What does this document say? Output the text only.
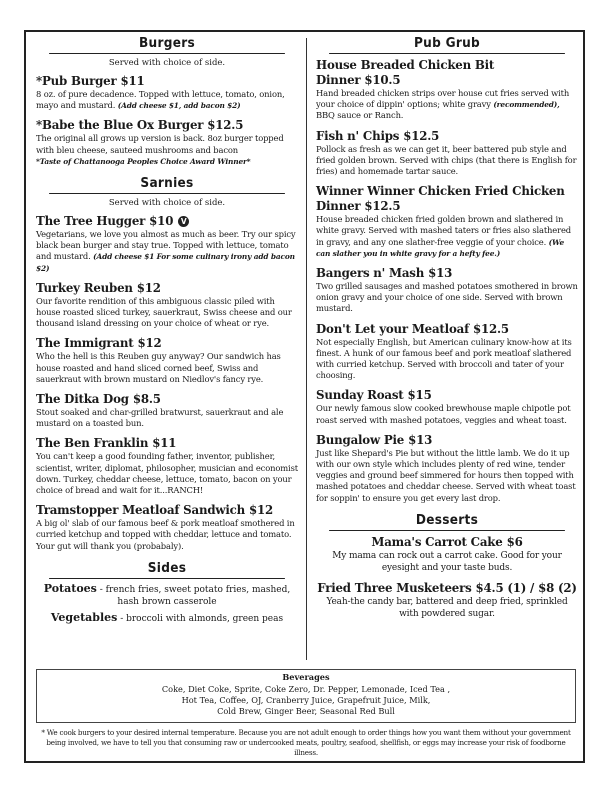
Burgers
Served with choice of side.
*Pub Burger $11
8 oz. of pure decadence. Topped with lettuce, tomato, onion, mayo and mustard. (Add cheese $1, add bacon $2)
*Babe the Blue Ox Burger $12.5
The original all grows up version is back. 8oz burger topped with bleu cheese, sauteed mushrooms and bacon
*Taste of Chattanooga Peoples Choice Award Winner*
Sarnies
Served with choice of side.
The Tree Hugger $10 V
Vegetarians, we love you almost as much as beer. Try our spicy black bean burger and stay true. Topped with lettuce, tomato and mustard. (Add cheese $1 For some culinary irony add bacon $2)
Turkey Reuben $12
Our favorite rendition of this ambiguous classic piled with house roasted sliced turkey, sauerkraut, Swiss cheese and our thousand island dressing on your choice of wheat or rye.
The Immigrant $12
Who the hell is this Reuben guy anyway? Our sandwich has house roasted and hand sliced corned beef, Swiss and sauerkraut with brown mustard on Niedlov's fancy rye.
The Ditka Dog $8.5
Stout soaked and char-grilled bratwurst, sauerkraut and ale mustard on a toasted bun.
The Ben Franklin $11
You can't keep a good founding father, inventor, publisher, scientist, writer, diplomat, philosopher, musician and economist down. Turkey, cheddar cheese, lettuce, tomato, bacon on your choice of bread and wait for it...RANCH!
Tramstopper Meatloaf Sandwich $12
A big ol' slab of our famous beef & pork meatloaf smothered in curried ketchup and topped with cheddar, lettuce and tomato. Your gut will thank you (probabaly).
Sides
Potatoes - french fries, sweet potato fries, mashed, hash brown casserole
Vegetables - broccoli with almonds, green peas
Pub Grub
House Breaded Chicken Bit Dinner $10.5
Hand breaded chicken strips over house cut fries served with your choice of dippin' options; white gravy (recommended), BBQ sauce or Ranch.
Fish n' Chips $12.5
Pollock as fresh as we can get it, beer battered pub style and fried golden brown. Served with chips (that there is English for fries) and homemade tartar sauce.
Winner Winner Chicken Fried Chicken Dinner $12.5
House breaded chicken fried golden brown and slathered in white gravy. Served with mashed taters or fries also slathered in gravy, and any one slather-free veggie of your choice. (We can slather you in white gravy for a hefty fee.)
Bangers n' Mash $13
Two grilled sausages and mashed potatoes smothered in brown onion gravy and your choice of one side. Served with brown mustard.
Don't Let your Meatloaf $12.5
Not especially English, but American culinary know-how at its finest. A hunk of our famous beef and pork meatloaf slathered with curried ketchup. Served with broccoli and tater of your choosing.
Sunday Roast $15
Our newly famous slow cooked brewhouse maple chipotle pot roast served with mashed potatoes, veggies and wheat toast.
Bungalow Pie $13
Just like Shepard's Pie but without the little lamb. We do it up with our own style which includes plenty of red wine, tender veggies and ground beef simmered for hours then topped with mashed potatoes and cheddar cheese. Served with wheat toast for soppin' to ensure you get every last drop.
Desserts
Mama's Carrot Cake $6
My mama can rock out a carrot cake. Good for your eyesight and your taste buds.
Fried Three Musketeers $4.5 (1) / $8 (2)
Yeah-the candy bar, battered and deep fried, sprinkled with powdered sugar.
Beverages
Coke, Diet Coke, Sprite, Coke Zero, Dr. Pepper, Lemonade, Iced Tea ,
Hot Tea, Coffee, OJ, Cranberry Juice, Grapefruit Juice, Milk,
Cold Brew, Ginger Beer, Seasonal Red Bull
* We cook burgers to your desired internal temperature. Because you are not adult enough to order things how you want them without your government being involved, we have to tell you that consuming raw or undercooked meats, poultry, seafood, shellfish, or eggs may increase your risk of foodborne illness.
